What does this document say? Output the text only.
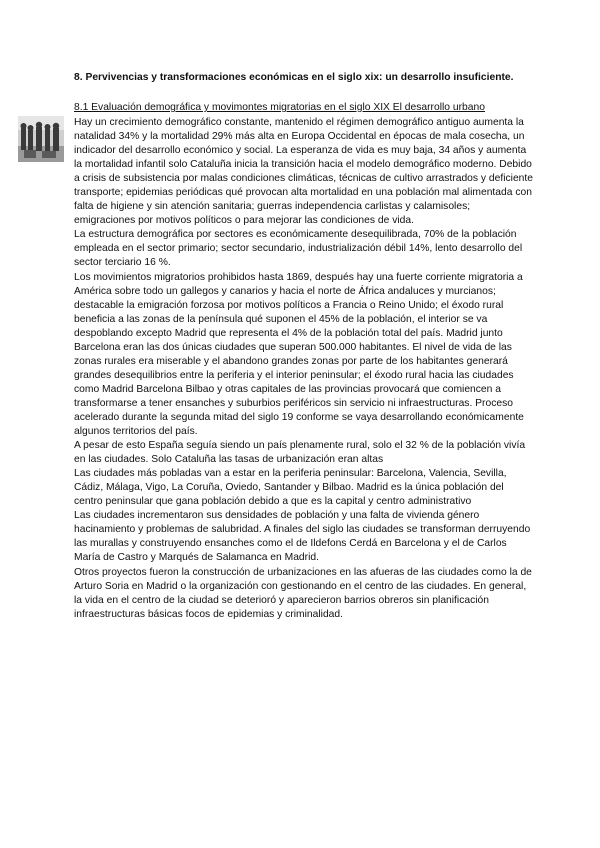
8. Pervivencias y transformaciones económicas en el siglo xix: un desarrollo insuficiente.
8.1 Evaluación demográfica y movimontes migratorias en el siglo XIX El desarrollo urbano

Hay un crecimiento demográfico constante, mantenido el régimen demográfico antiguo aumenta la natalidad 34% y la mortalidad 29% más alta en Europa Occidental en épocas de mala cosecha, un indicador del desarrollo económico y social. La esperanza de vida es muy baja, 34 años y aumenta la mortalidad infantil solo Cataluña inicia la transición hacia el modelo demográfico moderno. Debido a crisis de subsistencia por malas condiciones climáticas, técnicas de cultivo arrastrados y deficiente transporte; epidemias periódicas qué provocan alta mortalidad en una población mal alimentada con falta de higiene y sin atención sanitaria; guerras independencia carlistas y calamisoles; emigraciones por motivos políticos o para mejorar las condiciones de vida.

La estructura demográfica por sectores es económicamente desequilibrada, 70% de la población empleada en el sector primario; sector secundario, industrialización débil 14%, lento desarrollo del sector terciario 16 %.

Los movimientos migratorios prohibidos hasta 1869, después hay una fuerte corriente migratoria a América sobre todo un gallegos y canarios y hacia el norte de África andaluces y murcianos; destacable la emigración forzosa por motivos políticos a Francia o Reino Unido; el éxodo rural beneficia a las zonas de la península qué suponen el 45% de la población, el interior se va despoblando excepto Madrid que representa el 4% de la población total del país. Madrid junto Barcelona eran las dos únicas ciudades que superan 500.000 habitantes. El nivel de vida de las zonas rurales era miserable y el abandono grandes zonas por parte de los habitantes generará grandes desequilibrios entre la periferia y el interior peninsular; el éxodo rural hacia las ciudades como Madrid Barcelona Bilbao y otras capitales de las provincias provocará que comiencen a transformarse a tener ensanches y suburbios periféricos sin servicio ni infraestructuras. Proceso acelerado durante la segunda mitad del siglo 19 conforme se vaya desarrollando económicamente algunos territorios del país.

A pesar de esto España seguía siendo un país plenamente rural, solo el 32 % de la población vivía en las ciudades. Solo Cataluña las tasas de urbanización eran altas

Las ciudades más pobladas van a estar en la periferia peninsular: Barcelona, Valencia, Sevilla, Cádiz, Málaga, Vigo, La Coruña, Oviedo, Santander y Bilbao. Madrid es la única población del centro peninsular que gana población debido a que es la capital y centro administrativo

Las ciudades incrementaron sus densidades de población y una falta de vivienda género hacinamiento y problemas de salubridad. A finales del siglo las ciudades se transforman derruyendo las murallas y construyendo ensanches como el de Ildefons Cerdá en Barcelona y el de Carlos María de Castro y Marqués de Salamanca en Madrid.

Otros proyectos fueron la construcción de urbanizaciones en las afueras de las ciudades como la de Arturo Soria en Madrid o la organización con gestionando en el centro de las ciudades. En general, la vida en el centro de la ciudad se deterioró y aparecieron barrios obreros sin planificación infraestructuras básicas focos de epidemias y criminalidad.
